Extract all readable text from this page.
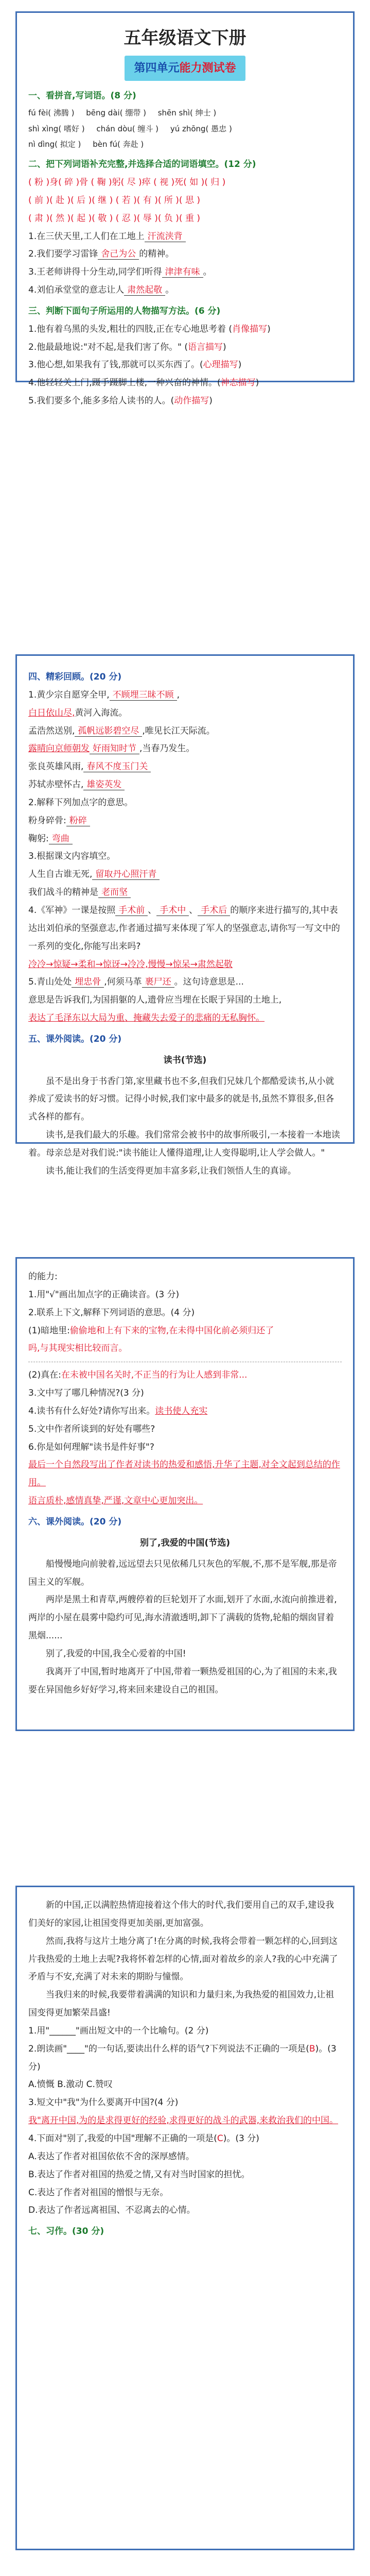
五年级语文下册
第四单元能力测试卷
一、看拼音,写词语。(8 分)
fú fèi( 沸腾 ) bēng dài( 绷带 ) shēn shì( 绅士 )
shì xìng( 嗜好 ) chán dòu( 缠斗 ) yú zhōng( 愚忠 )
nì dìng( 拟定 ) bèn fú( 奔赴 )
二、把下列词语补充完整,并选择合适的词语填空。(12 分)
( 粉 )身( 碎 )骨 ( 鞠 )躬( 尽 )瘁 ( 视 )死( 如 )( 归 )
( 前 )( 赴 )( 后 )( 继 ) ( 若 )( 有 )( 所 )( 思 )
( 肃 )( 然 )( 起 )( 敬 ) ( 忍 )( 辱 )( 负 )( 重 )
1.在三伏天里,工人们在工地上 汗流浃背
2.我们要学习雷锋 舍己为公 的精神。
3.王老师讲得十分生动,同学们听得 津津有味 。
4.刘伯承堂堂的意志让人 肃然起敬 。
三、判断下面句子所运用的人物描写方法。(6 分)
1.他有着乌黑的头发,粗壮的四肢,正在专心地思考着 (肖像描写)
2.他最最地说:"对不起,是我们害了你。" (语言描写)
3.他心想,如果我有了钱,那就可以买东西了。(心理描写)
4.他轻轻关上门,蹑手蹑脚上楼,一种兴奋的神情。(神态描写)
5.我们要多个,能多多给人读书的人。(动作描写)
四、精彩回顾。(20 分)
1.黄少宗自愿穿全甲, 不顾埋三昧不顾 ,
白日依山尽,黄河入海流。
孟浩然送别, 孤帆远影碧空尽 ,唯见长江天际流。
露晴向京师朝发 好雨知时节 ,当春乃发生。
张良英雄风雨, 春风不度玉门关
苏轼赤壁怀古, 雄姿英发
2.解释下列加点字的意思。
粉身碎骨: 粉碎
鞠躬: 弯曲
3.根据课文内容填空。
人生自古谁无死, 留取丹心照汗青
我们战斗的精神是 老而坚
4.《军神》一课是按照 手术前 、 手术中 、 手术后 的顺序来进行描写的,其中表达出刘伯承的坚强意志,作者通过描写来体现了军人的坚强意志,请你写一写文中的一系列的变化,你能写出来吗?
冷冷→惊疑→柔和→惊讶→冷冷,慢慢→惊呆→肃然起敬
5.青山处处 埋忠骨 ,何须马革 裹尸还 。这句诗意思是...
意思是告诉我们,为国捐躯的人,遗骨应当埋在长眠于异国的土地上,
表达了毛泽东以大局为重、掩藏失去爱子的悲痛的无私胸怀。
五、课外阅读。(20 分)
读书(节选)
虽不是出身于书香门第,家里藏书也不多,但我们兄妹几个都酷爱读书,从小就养成了爱读书的好习惯。记得小时候,我们家中最多的就是书,虽然不算很多,但各式各样的都有。
读书,是我们最大的乐趣。我们常常会被书中的故事所吸引,一本接着一本地读着。母亲总是对我们说:"读书能让人懂得道理,让人变得聪明,让人学会做人。"
读书,能让我们的生活变得更加丰富多彩,让我们领悟人生的真谛。
的能力:
1.用"√"画出加点字的正确读音。(3 分)
2.联系上下文,解释下列词语的意思。(4 分)
(1)暗地里:偷偷地和上有下来的宝物,在未得中国化前必须归还了
吗,与其现实相比较而言。
(2)真在:在未被中国名关时,不正当的行为让人感到非常...
3.文中写了哪几种情况?(3 分)
4.读书有什么好处?请你写出来。读书使人充实
5.文中作者所谈到的好处有哪些?
6.你是如何理解"读书是件好事"?
最后一个自然段写出了作者对读书的热爱和感悟,升华了主题,对全文起到总结的作用。
语言质朴,感情真挚,严谨,文章中心更加突出。
六、课外阅读。(20 分)
别了,我爱的中国(节选)
船慢慢地向前驶着,远远望去只见依稀几只灰色的军舰,不,那不是军舰,那是帝国主义的军舰。
两岸是黑土和青草,两艘停着的巨轮划开了水面,划开了水面,水流向前推进着,两岸的小屋在晨雾中隐约可见,海水清澈透明,卸下了满载的货物,轮船的烟囱冒着黑烟......
别了,我爱的中国,我全心爱着的中国!
我离开了中国,暂时地离开了中国,带着一颗热爱祖国的心,为了祖国的未来,我要在异国他乡好好学习,将来回来建设自己的祖国。
新的中国,正以满腔热情迎接着这个伟大的时代,我们要用自己的双手,建设我们美好的家园,让祖国变得更加美丽,更加富强。
然而,我将与这片土地分离了!在分离的时候,我将会带着一颗怎样的心,回到这片我热爱的土地上去呢?我将怀着怎样的心情,面对着故乡的亲人?我的心中充满了矛盾与不安,充满了对未来的期盼与憧憬。
当我归来的时候,我要带着满满的知识和力量归来,为我热爱的祖国效力,让祖国变得更加繁荣昌盛!
1.用"______"画出短文中的一个比喻句。(2 分)
2.朗读画"____"的一句话,要读出什么样的语气?下列说法不正确的一项是(B)。(3 分)
A.愤慨 B.激动 C.赞叹
3.短文中"我"为什么要离开中国?(4 分)
我"离开中国,为的是求得更好的经验,求得更好的战斗的武器,来救治我们的中国。
4.下面对"别了,我爱的中国"理解不正确的一项是(C)。(3 分)
A.表达了作者对祖国依依不舍的深厚感情。
B.表达了作者对祖国的热爱之情,又有对当时国家的担忧。
C.表达了作者对祖国的憎恨与无奈。
D.表达了作者远离祖国、不忍离去的心情。
七、习作。(30 分)
